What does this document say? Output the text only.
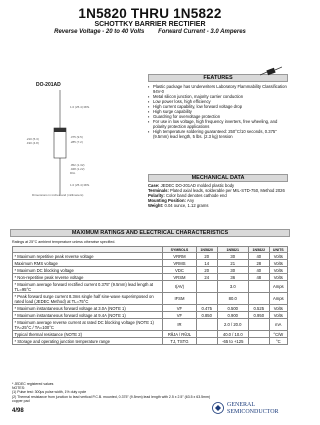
1N5820 THRU 1N5822
SCHOTTKY BARRIER RECTIFIER
Reverse Voltage - 20 to 40 Volts Forward Current - 3.0 Amperes
FEATURES
▪ Plastic package has Underwriters Laboratory Flammability Classification 94V-0
▪ Metal silicon junction, majority carrier conduction
▪ Low power loss, high efficiency
▪ High current capability, low forward voltage drop
▪ High surge capability
▪ Guardring for overvoltage protection
▪ For use in low voltage, high frequency inverters, free wheeling, and polarity protection applications
▪ High temperature soldering guaranteed: 250°C/10 seconds, 0.375" (9.5mm) lead length, 5 lbs. (2.3 kg) tension
MECHANICAL DATA
Case: JEDEC DO-201AD molded plastic body
Terminals: Plated axial leads, solderable per MIL-STD-750, Method 2026
Polarity: Color band denotes cathode end
Mounting Position: Any
Weight: 0.04 ounce, 1.12 grams
DO-201AD
1.0 (25.4) MIN.
.375 (9.5)
.285 (7.2)
.210 (5.3)
.190 (4.8)
.052 (1.32)
.048 (1.22)
DIA.
1.0 (25.4) MIN.
Dimensions in inches and (millimeters)
MAXIMUM RATINGS AND ELECTRICAL CHARACTERISTICS
Ratings at 25°C ambient temperature unless otherwise specified.
	SYMBOLS	1N5820	1N5821	1N5822	UNITS
* Maximum repetitive peak reverse voltage	VRRM	20	30	40	Volts
Maximum RMS voltage	VRMS	14	21	28	Volts
* Maximum DC blocking voltage	VDC	20	30	40	Volts
* Non-repetitive peak reverse voltage	VRSM	24	36	48	Volts
* Maximum average forward rectified current 0.375" (9.5mm) lead length at TL=95°C	I(AV)		3.0		Amps
* Peak forward surge current 8.3ms single half sine-wave superimposed on rated load (JEDEC Method) at TL=75°C	IFSM		80.0		Amps
* Maximum instantaneous forward voltage at 3.0A (NOTE 1)	VF	0.475	0.500	0.525	Volts
* Maximum instantaneous forward voltage at 9.4A (NOTE 1)	VF	0.850	0.900	0.950	Volts
* Maximum average reverse current at rated DC blocking voltage (NOTE 1) TA=25°C / TA=100°C	IR		2.0 / 20.0		mA
Typical thermal resistance (NOTE 2)	RθJA / RθJL		40.0 / 10.0		°C/W
* Storage and operating junction temperature range	TJ, TSTG		-65 to +125		°C
* JEDEC registered values
NOTES:
(1) Pulse test: 300μs pulse width, 1% duty cycle
(2) Thermal resistance from junction to lead vertical P.C.B. mounted, 0.375" (9.5mm) lead length with 2.5 x 2.5" (63.5 x 63.5mm) copper pad
4/98
GENERAL
SEMICONDUCTOR
